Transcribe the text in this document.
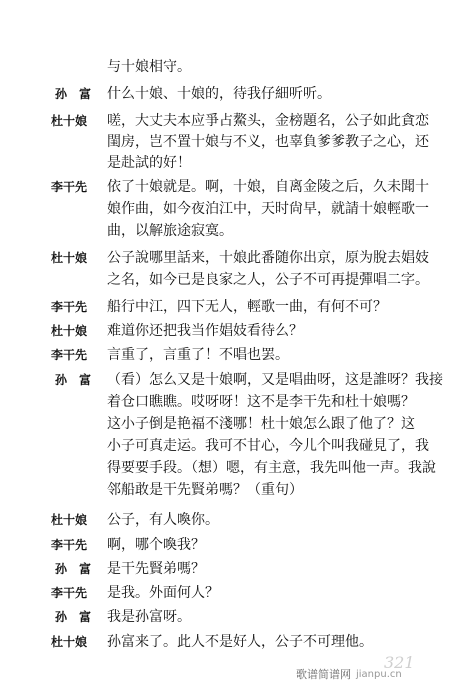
与十娘相守。
孙　富 什么十娘、十娘的，待我仔細听听。
杜十娘 嗟，大丈夫本应爭占鰲头，金榜題名，公子如此貪恋
閨房，岂不置十娘与不义，也辜負爹爹教子之心，还
是赴試的好！
李干先 依了十娘就是。啊，十娘，自离金陵之后，久未聞十
娘作曲，如今夜泊江中，天时尙早，就請十娘輕歌一
曲，以解旅途寂寞。
杜十娘 公子說哪里話来，十娘此番随你出京，原为脫去娼妓
之名，如今已是良家之人，公子不可再提彈唱二字。
李干先 船行中江，四下无人，輕歌一曲，有何不可？
杜十娘 难道你还把我当作娼妓看待么？
李干先 言重了，言重了！不唱也罢。
孙　富 （看）怎么又是十娘啊，又是唱曲呀，这是誰呀？我接
着仓口瞧瞧。哎呀呀！这不是李干先和杜十娘嗎？
这小子倒是艳福不淺哪！杜十娘怎么跟了他了？这
小子可真走运。我可不甘心，今儿个叫我碰見了，我
得要要手段。（想）嗯，有主意，我先叫他一声。我說
邻船敢是干先賢弟嗎？（重句）
杜十娘 公子，有人喚你。
李干先 啊，哪个喚我？
孙　富 是干先賢弟嗎？
李干先 是我。外面何人？
孙　富 我是孙富呀。
杜十娘 孙富来了。此人不是好人，公子不可理他。
321
歌谱简谱网 jianpu.cn
